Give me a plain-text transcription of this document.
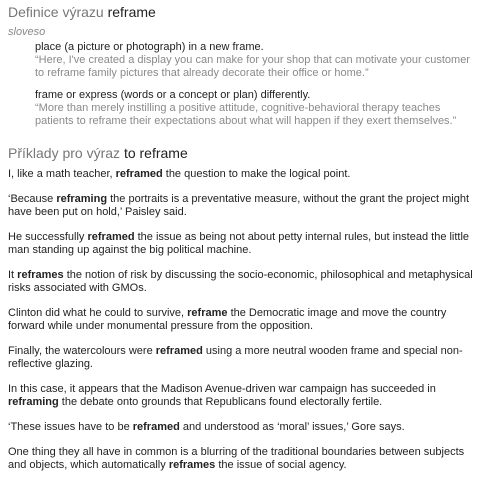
Definice výrazu reframe
sloveso
place (a picture or photograph) in a new frame.
“Here, I've created a display you can make for your shop that can motivate your customer to reframe family pictures that already decorate their office or home.”
frame or express (words or a concept or plan) differently.
“More than merely instilling a positive attitude, cognitive-behavioral therapy teaches patients to reframe their expectations about what will happen if they exert themselves.”
Příklady pro výraz to reframe

I, like a math teacher, reframed the question to make the logical point.

‘Because reframing the portraits is a preventative measure, without the grant the project might have been put on hold,’ Paisley said.

He successfully reframed the issue as being not about petty internal rules, but instead the little man standing up against the big political machine.

It reframes the notion of risk by discussing the socio-economic, philosophical and metaphysical risks associated with GMOs.

Clinton did what he could to survive, reframe the Democratic image and move the country forward while under monumental pressure from the opposition.

Finally, the watercolours were reframed using a more neutral wooden frame and special non-reflective glazing.

In this case, it appears that the Madison Avenue-driven war campaign has succeeded in reframing the debate onto grounds that Republicans found electorally fertile.

‘These issues have to be reframed and understood as ‘moral’ issues,’ Gore says.

One thing they all have in common is a blurring of the traditional boundaries between subjects and objects, which automatically reframes the issue of social agency.
